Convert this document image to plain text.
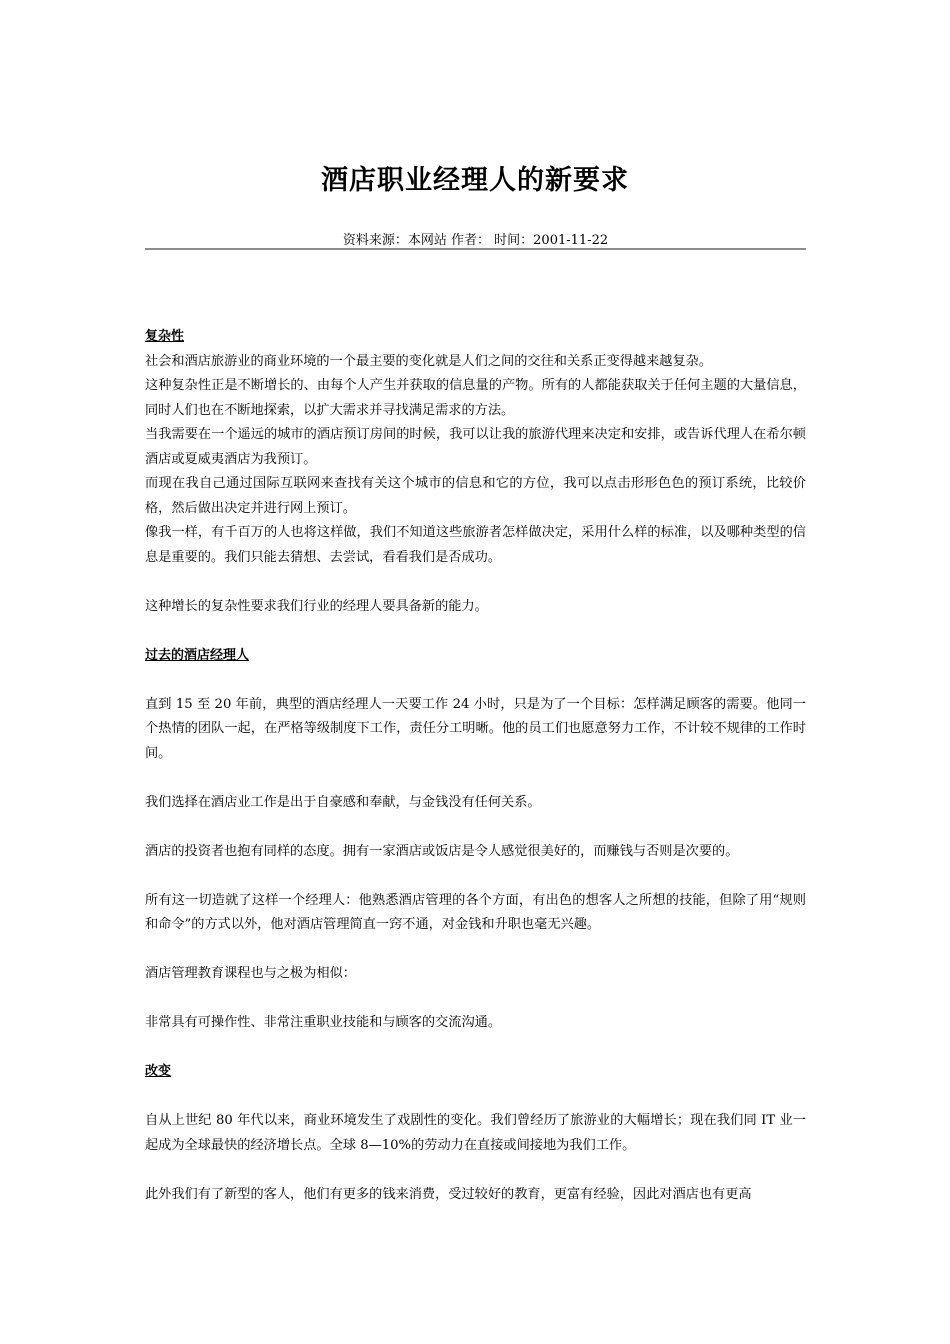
酒店职业经理人的新要求
资料来源：本网站 作者： 时间：2001-11-22

复杂性

社会和酒店旅游业的商业环境的一个最主要的变化就是人们之间的交往和关系正变得越来越复杂。

这种复杂性正是不断增长的、由每个人产生并获取的信息量的产物。所有的人都能获取关于任何主题的大量信息，同时人们也在不断地探索，以扩大需求并寻找满足需求的方法。

当我需要在一个遥远的城市的酒店预订房间的时候，我可以让我的旅游代理来决定和安排，或告诉代理人在希尔顿酒店或夏威夷酒店为我预订。

而现在我自己通过国际互联网来查找有关这个城市的信息和它的方位，我可以点击形形色色的预订系统，比较价格，然后做出决定并进行网上预订。

像我一样，有千百万的人也将这样做，我们不知道这些旅游者怎样做决定，采用什么样的标准，以及哪种类型的信息是重要的。我们只能去猜想、去尝试，看看我们是否成功。

这种增长的复杂性要求我们行业的经理人要具备新的能力。

过去的酒店经理人

直到 15 至 20 年前，典型的酒店经理人一天要工作 24 小时，只是为了一个目标：怎样满足顾客的需要。他同一个热情的团队一起，在严格等级制度下工作，责任分工明晰。他的员工们也愿意努力工作，不计较不规律的工作时间。

我们选择在酒店业工作是出于自豪感和奉献，与金钱没有任何关系。

酒店的投资者也抱有同样的态度。拥有一家酒店或饭店是令人感觉很美好的，而赚钱与否则是次要的。

所有这一切造就了这样一个经理人：他熟悉酒店管理的各个方面，有出色的想客人之所想的技能，但除了用“规则和命令”的方式以外，他对酒店管理简直一窍不通，对金钱和升职也毫无兴趣。

酒店管理教育课程也与之极为相似：

非常具有可操作性、非常注重职业技能和与顾客的交流沟通。

改变

自从上世纪 80 年代以来，商业环境发生了戏剧性的变化。我们曾经历了旅游业的大幅增长；现在我们同 IT 业一起成为全球最快的经济增长点。全球 8—10%的劳动力在直接或间接地为我们工作。

此外我们有了新型的客人，他们有更多的钱来消费，受过较好的教育，更富有经验，因此对酒店也有更高
